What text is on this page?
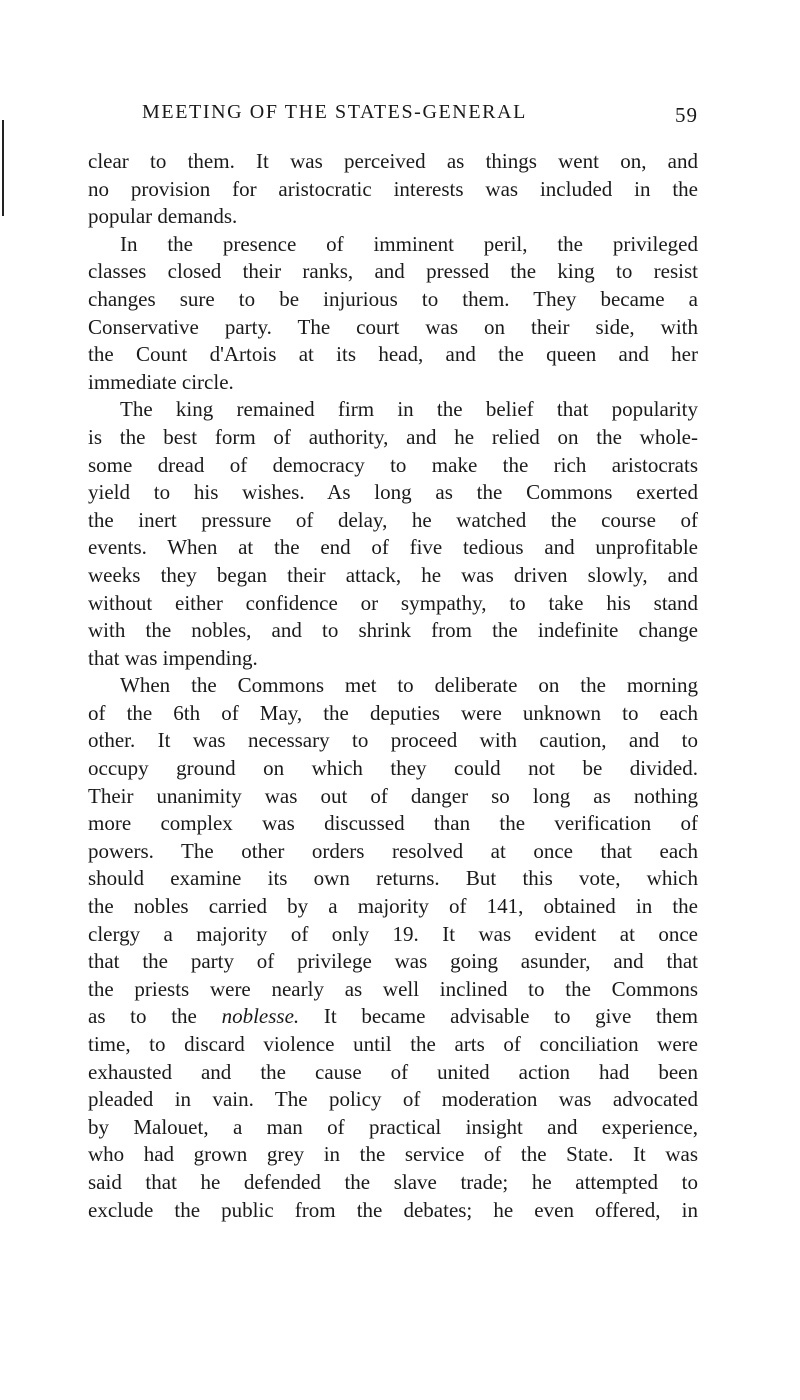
MEETING OF THE STATES-GENERAL	59
clear to them. It was perceived as things went on, and
no provision for aristocratic interests was included in the
popular demands.
In the presence of imminent peril, the privileged
classes closed their ranks, and pressed the king to resist
changes sure to be injurious to them. They became a
Conservative party. The court was on their side, with
the Count d'Artois at its head, and the queen and her
immediate circle.
The king remained firm in the belief that popularity
is the best form of authority, and he relied on the whole-
some dread of democracy to make the rich aristocrats
yield to his wishes. As long as the Commons exerted
the inert pressure of delay, he watched the course of
events. When at the end of five tedious and unprofitable
weeks they began their attack, he was driven slowly, and
without either confidence or sympathy, to take his stand
with the nobles, and to shrink from the indefinite change
that was impending.
When the Commons met to deliberate on the morning
of the 6th of May, the deputies were unknown to each
other. It was necessary to proceed with caution, and to
occupy ground on which they could not be divided.
Their unanimity was out of danger so long as nothing
more complex was discussed than the verification of
powers. The other orders resolved at once that each
should examine its own returns. But this vote, which
the nobles carried by a majority of 141, obtained in the
clergy a majority of only 19. It was evident at once
that the party of privilege was going asunder, and that
the priests were nearly as well inclined to the Commons
as to the noblesse. It became advisable to give them
time, to discard violence until the arts of conciliation were
exhausted and the cause of united action had been
pleaded in vain. The policy of moderation was advocated
by Malouet, a man of practical insight and experience,
who had grown grey in the service of the State. It was
said that he defended the slave trade; he attempted to
exclude the public from the debates; he even offered, in
